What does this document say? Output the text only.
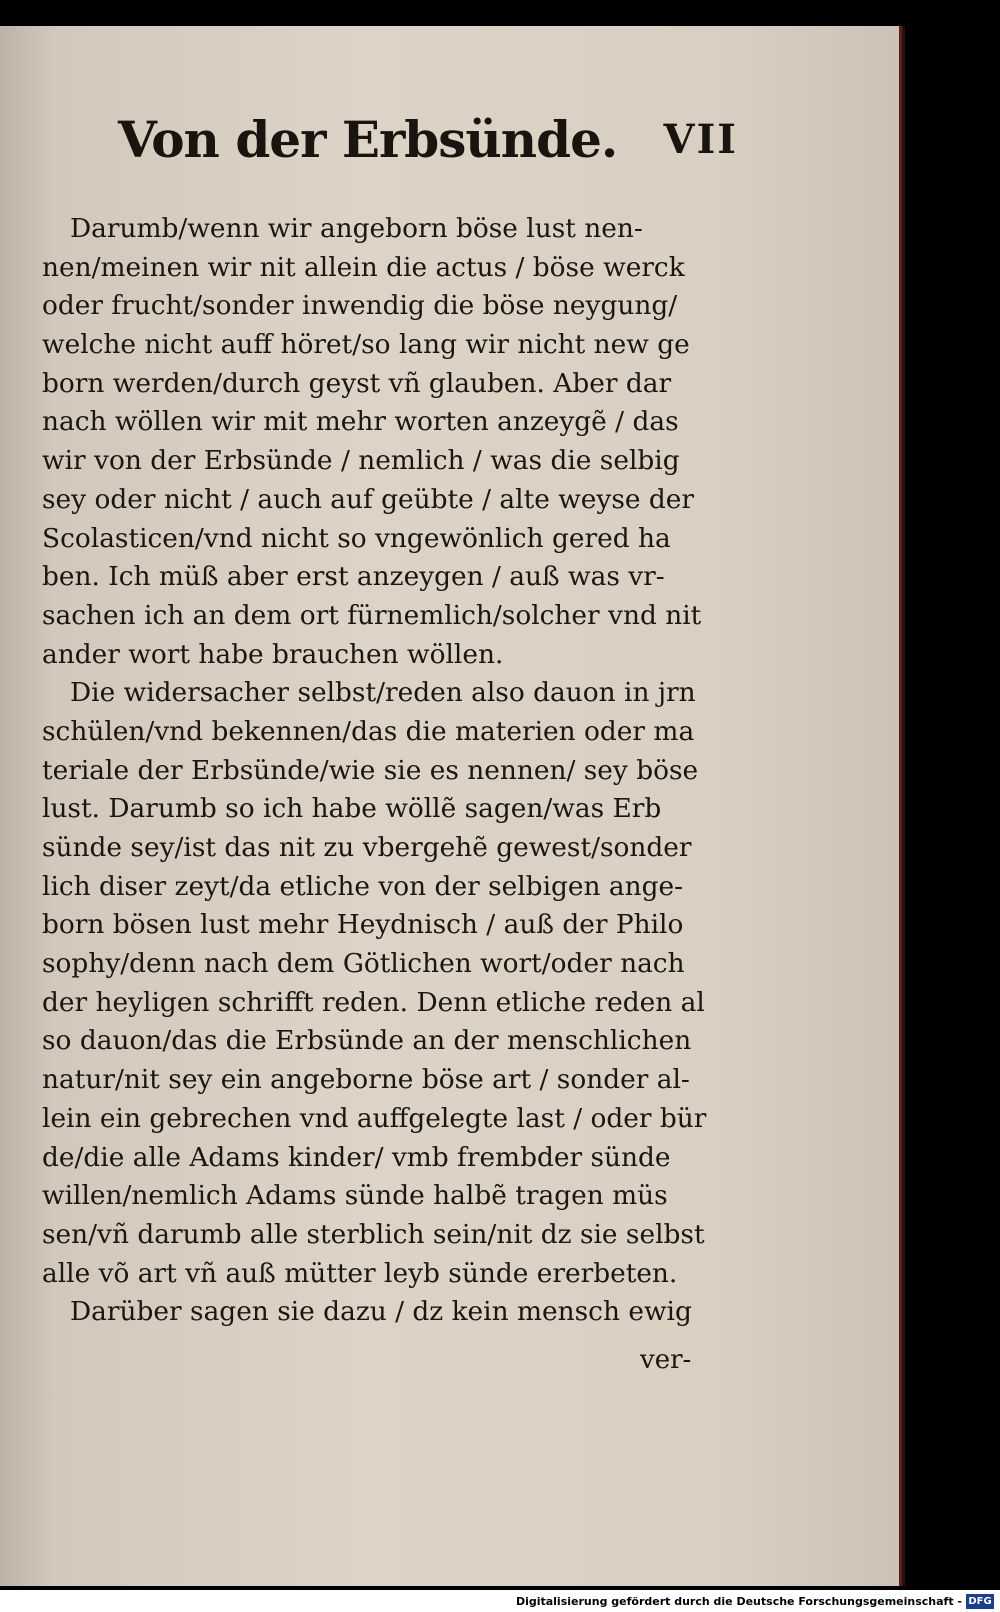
Von der Erbsünde. VII
Darumb/wenn wir angeborn böse lust nen-
nen/meinen wir nit allein die actus / böse werck
oder frucht/sonder inwendig die böse neygung/
welche nicht auff höret/so lang wir nicht new ge
born werden/durch geyst vñ glauben. Aber dar
nach wöllen wir mit mehr worten anzeygẽ / das
wir von der Erbsünde / nemlich / was die selbig
sey oder nicht / auch auf geübte / alte weyse der
Scolasticen/vnd nicht so vngewönlich gered ha
ben. Ich müß aber erst anzeygen / auß was vr-
sachen ich an dem ort fürnemlich/solcher vnd nit
ander wort habe brauchen wöllen.
Die widersacher selbst/reden also dauon in jrn
schülen/vnd bekennen/das die materien oder ma
teriale der Erbsünde/wie sie es nennen/ sey böse
lust. Darumb so ich habe wöllẽ sagen/was Erb
sünde sey/ist das nit zu vbergehẽ gewest/sonder
lich diser zeyt/da etliche von der selbigen ange-
born bösen lust mehr Heydnisch / auß der Philo
sophy/denn nach dem Götlichen wort/oder nach
der heyligen schrifft reden. Denn etliche reden al
so dauon/das die Erbsünde an der menschlichen
natur/nit sey ein angeborne böse art / sonder al-
lein ein gebrechen vnd auffgelegte last / oder bür
de/die alle Adams kinder/ vmb frembder sünde
willen/nemlich Adams sünde halbẽ tragen müs
sen/vñ darumb alle sterblich sein/nit dz sie selbst
alle võ art vñ auß mütter leyb sünde ererbeten.
Darüber sagen sie dazu / dz kein mensch ewig
ver-
Digitalisierung gefördert durch die Deutsche Forschungsgemeinschaft - DFG
